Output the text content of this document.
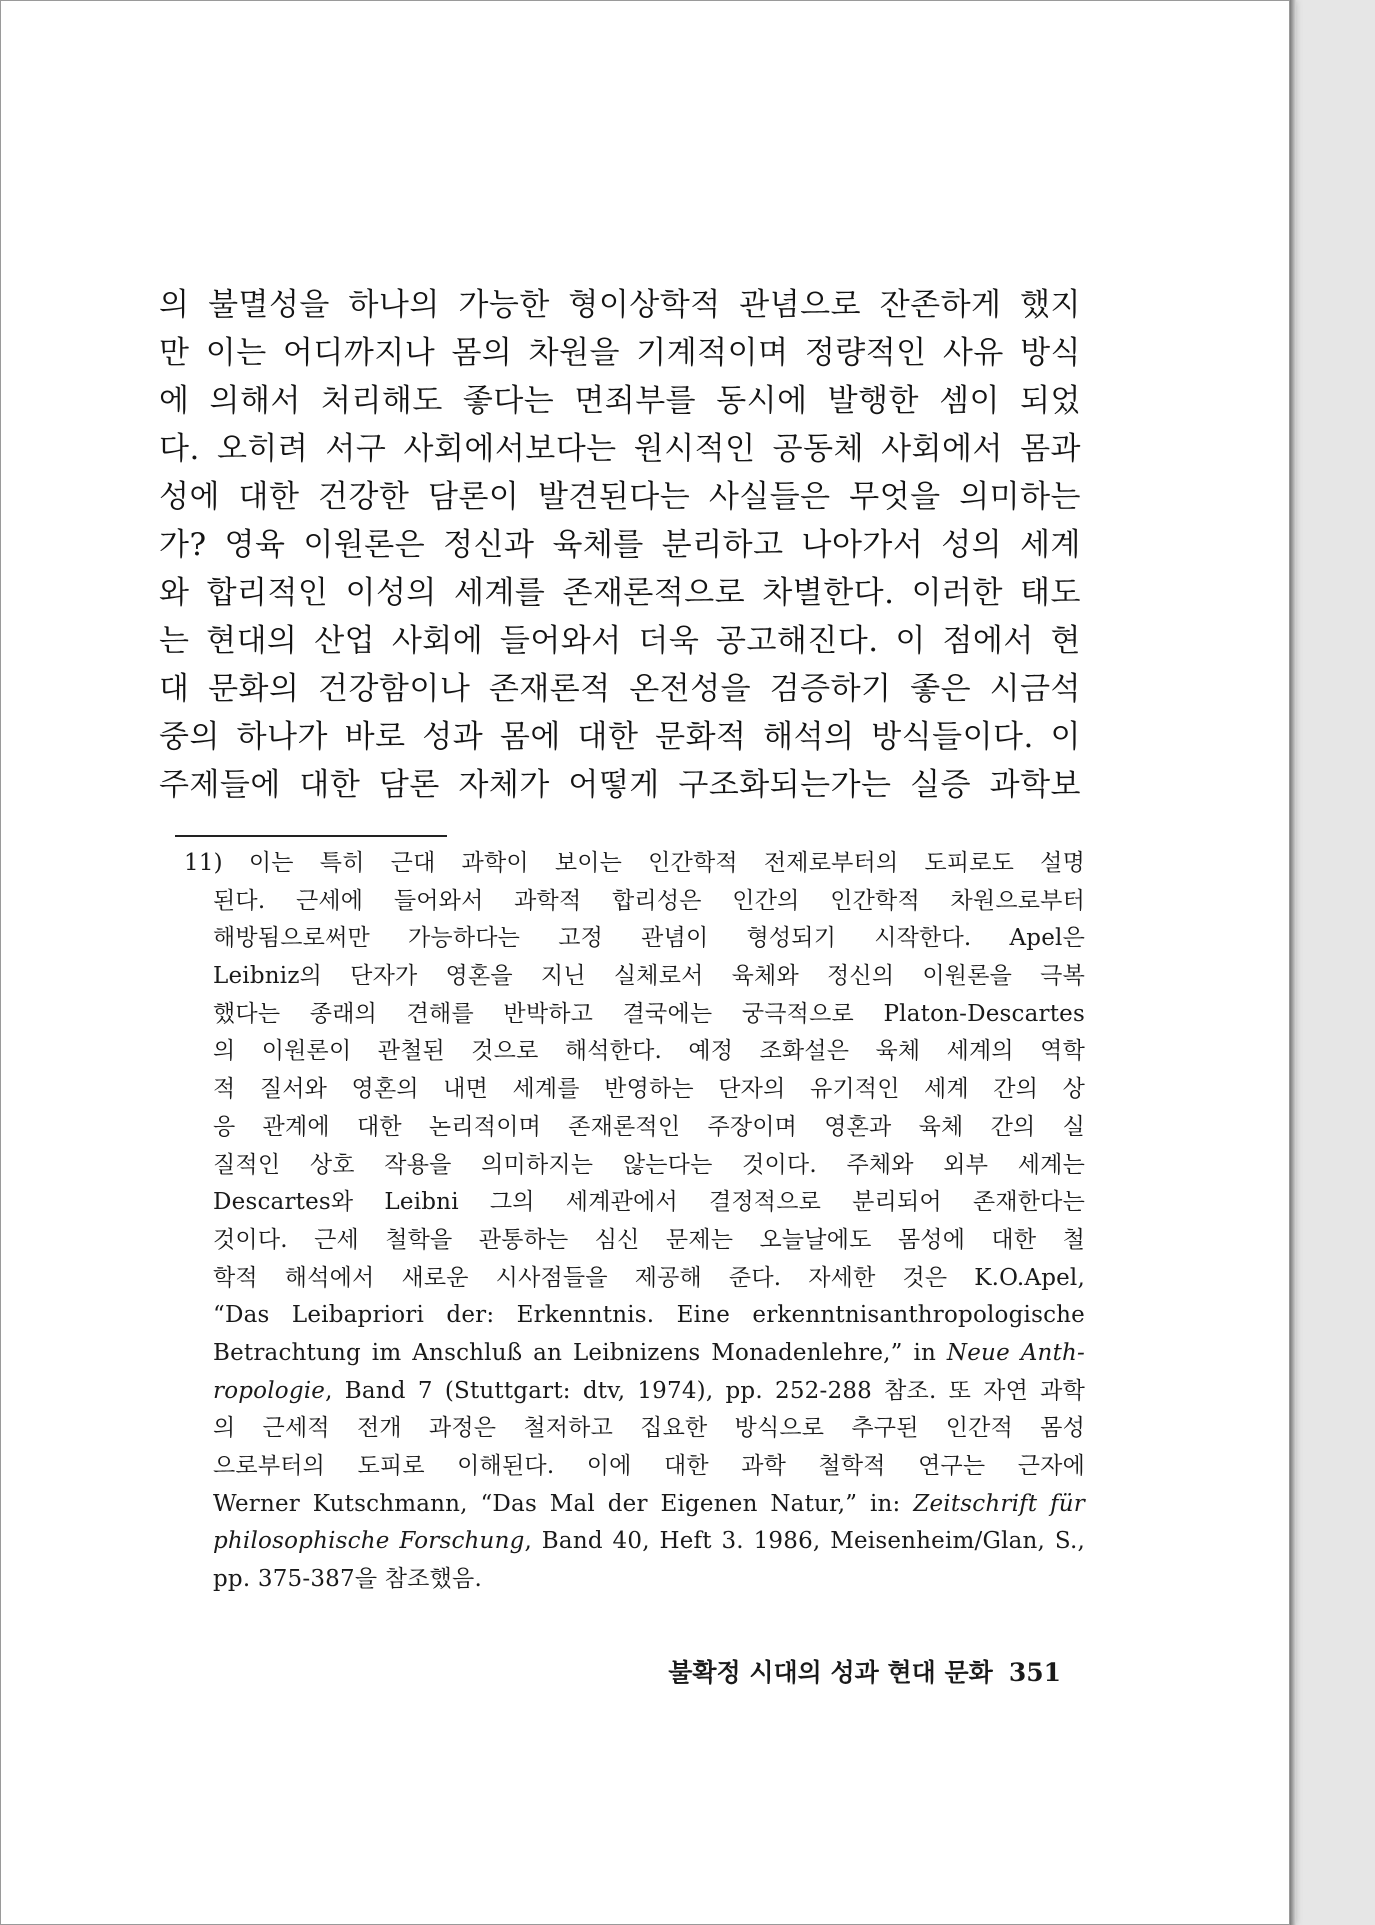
의 불멸성을 하나의 가능한 형이상학적 관념으로 잔존하게 했지
만 이는 어디까지나 몸의 차원을 기계적이며 정량적인 사유 방식
에 의해서 처리해도 좋다는 면죄부를 동시에 발행한 셈이 되었
다. 오히려 서구 사회에서보다는 원시적인 공동체 사회에서 몸과
성에 대한 건강한 담론이 발견된다는 사실들은 무엇을 의미하는
가? 영육 이원론은 정신과 육체를 분리하고 나아가서 성의 세계
와 합리적인 이성의 세계를 존재론적으로 차별한다. 이러한 태도
는 현대의 산업 사회에 들어와서 더욱 공고해진다. 이 점에서 현
대 문화의 건강함이나 존재론적 온전성을 검증하기 좋은 시금석
중의 하나가 바로 성과 몸에 대한 문화적 해석의 방식들이다. 이
주제들에 대한 담론 자체가 어떻게 구조화되는가는 실증 과학보
11) 이는 특히 근대 과학이 보이는 인간학적 전제로부터의 도피로도 설명
된다. 근세에 들어와서 과학적 합리성은 인간의 인간학적 차원으로부터
해방됨으로써만 가능하다는 고정 관념이 형성되기 시작한다. Apel은
Leibniz의 단자가 영혼을 지닌 실체로서 육체와 정신의 이원론을 극복
했다는 종래의 견해를 반박하고 결국에는 궁극적으로 Platon-Descartes
의 이원론이 관철된 것으로 해석한다. 예정 조화설은 육체 세계의 역학
적 질서와 영혼의 내면 세계를 반영하는 단자의 유기적인 세계 간의 상
응 관계에 대한 논리적이며 존재론적인 주장이며 영혼과 육체 간의 실
질적인 상호 작용을 의미하지는 않는다는 것이다. 주체와 외부 세계는
Descartes와 Leibni 그의 세계관에서 결정적으로 분리되어 존재한다는
것이다. 근세 철학을 관통하는 심신 문제는 오늘날에도 몸성에 대한 철
학적 해석에서 새로운 시사점들을 제공해 준다. 자세한 것은 K.O.Apel,
“Das Leibapriori der: Erkenntnis. Eine erkenntnisanthropologische
Betrachtung im Anschluß an Leibnizens Monadenlehre,” in Neue Anth-
ropologie, Band 7 (Stuttgart: dtv, 1974), pp. 252-288 참조. 또 자연 과학
의 근세적 전개 과정은 철저하고 집요한 방식으로 추구된 인간적 몸성
으로부터의 도피로 이해된다. 이에 대한 과학 철학적 연구는 근자에
Werner Kutschmann, “Das Mal der Eigenen Natur,” in: Zeitschrift für
philosophische Forschung, Band 40, Heft 3. 1986, Meisenheim/Glan, S.,
pp. 375-387을 참조했음.
불확정 시대의 성과 현대 문화 351
